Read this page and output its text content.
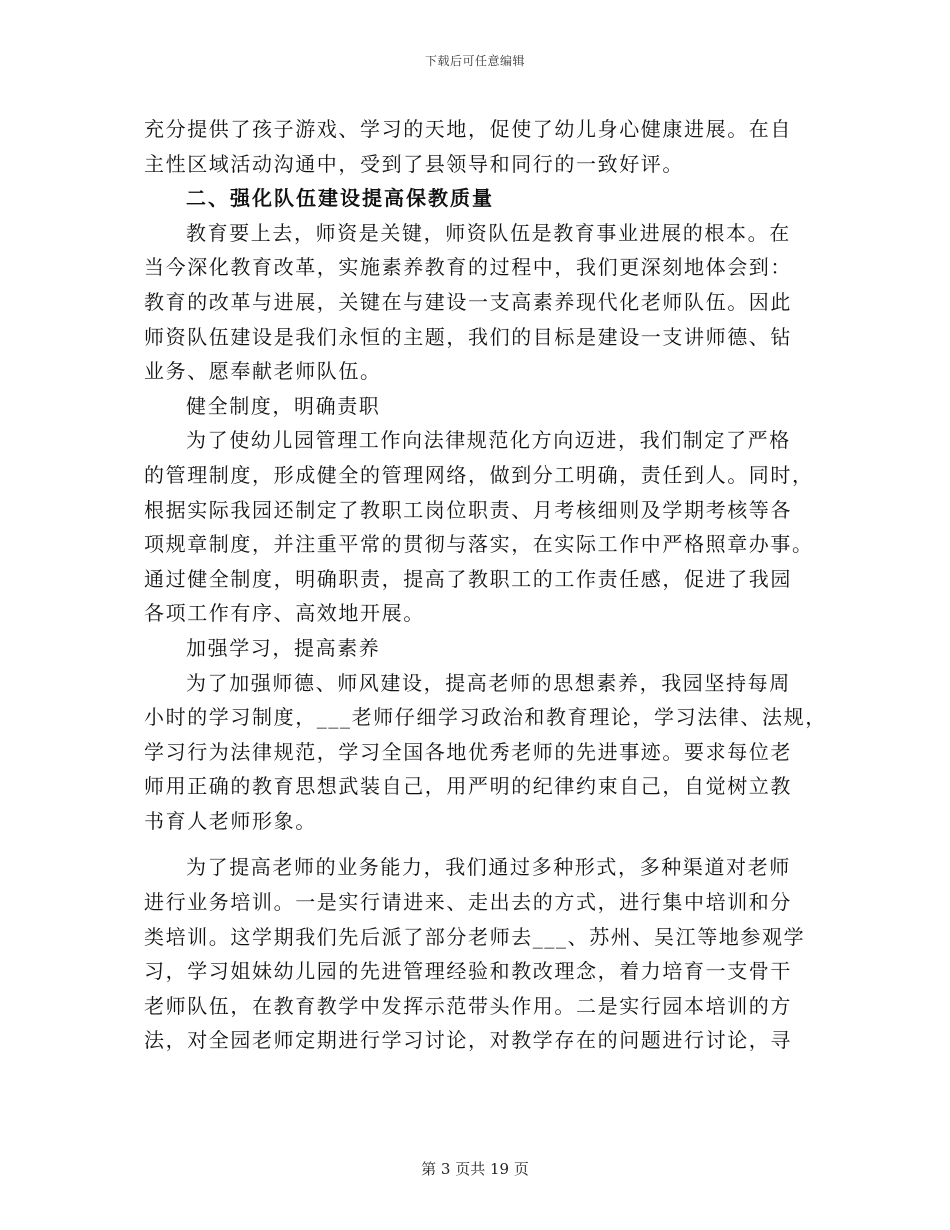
下载后可任意编辑
充分提供了孩子游戏、学习的天地，促使了幼儿身心健康进展。在自
主性区域活动沟通中，受到了县领导和同行的一致好评。
二、强化队伍建设提高保教质量
教育要上去，师资是关键，师资队伍是教育事业进展的根本。在
当今深化教育改革，实施素养教育的过程中，我们更深刻地体会到：
教育的改革与进展，关键在与建设一支高素养现代化老师队伍。因此
师资队伍建设是我们永恒的主题，我们的目标是建设一支讲师德、钻
业务、愿奉献老师队伍。
健全制度，明确责职
为了使幼儿园管理工作向法律规范化方向迈进，我们制定了严格
的管理制度，形成健全的管理网络，做到分工明确，责任到人。同时，
根据实际我园还制定了教职工岗位职责、月考核细则及学期考核等各
项规章制度，并注重平常的贯彻与落实，在实际工作中严格照章办事。
通过健全制度，明确职责，提高了教职工的工作责任感，促进了我园
各项工作有序、高效地开展。
加强学习，提高素养
为了加强师德、师风建设，提高老师的思想素养，我园坚持每周
小时的学习制度，___老师仔细学习政治和教育理论，学习法律、法规，
学习行为法律规范，学习全国各地优秀老师的先进事迹。要求每位老
师用正确的教育思想武装自己，用严明的纪律约束自己，自觉树立教
书育人老师形象。
为了提高老师的业务能力，我们通过多种形式，多种渠道对老师
进行业务培训。一是实行请进来、走出去的方式，进行集中培训和分
类培训。这学期我们先后派了部分老师去___、苏州、吴江等地参观学
习，学习姐妹幼儿园的先进管理经验和教改理念，着力培育一支骨干
老师队伍，在教育教学中发挥示范带头作用。二是实行园本培训的方
法，对全园老师定期进行学习讨论，对教学存在的问题进行讨论，寻
第 3 页共 19 页
